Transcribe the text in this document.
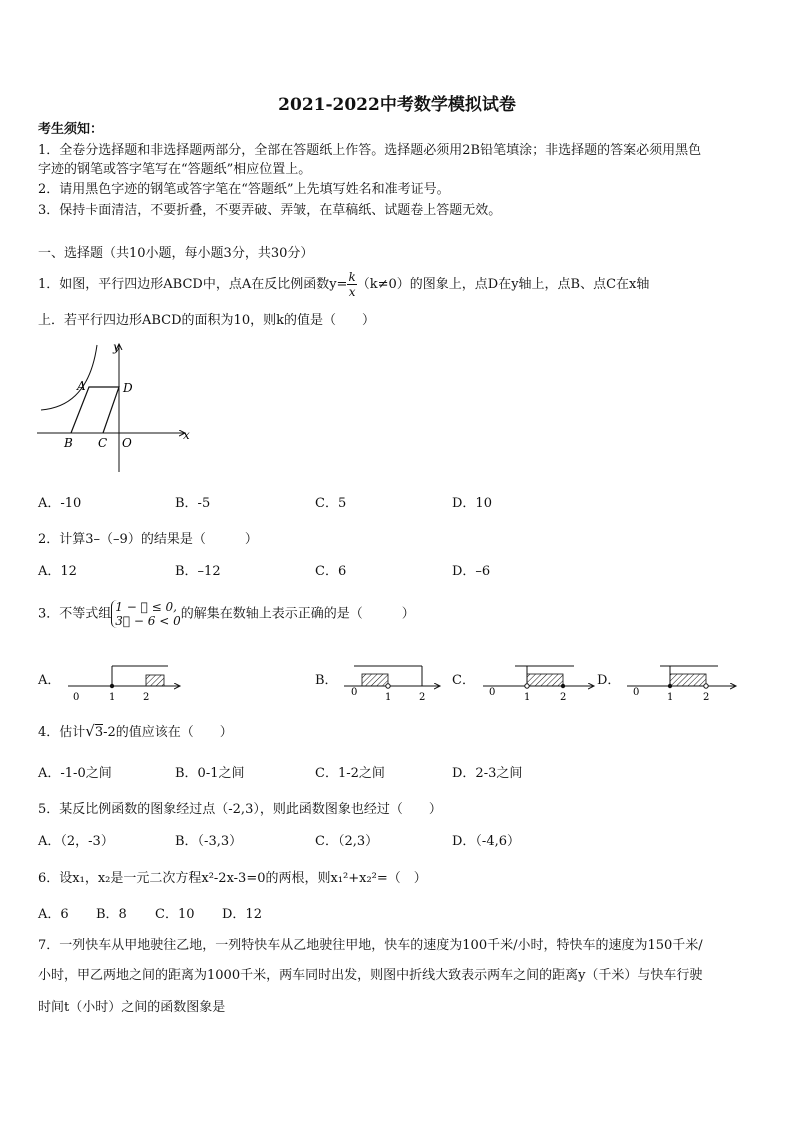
2021-2022中考数学模拟试卷
考生须知：
1．全卷分选择题和非选择题两部分，全部在答题纸上作答。选择题必须用2B铅笔填涂；非选择题的答案必须用黑色
字迹的钢笔或答字笔写在“答题纸”相应位置上。
2．请用黑色字迹的钢笔或答字笔在“答题纸”上先填写姓名和准考证号。
3．保持卡面清洁，不要折叠，不要弄破、弄皱，在草稿纸、试题卷上答题无效。
一、选择题（共10小题，每小题3分，共30分）
1．如图，平行四边形ABCD中，点A在反比例函数$y= \frac{k}{x} (k\ne 0)$的图象上，点D在y轴上，点B、点C在x轴
上．若平行四边形ABCD的面积为10，则k的值是（　　）
y
x
A	D
B C O
A．-10	B．-5	C．5	D．10
2．计算3–（–9）的结果是（　　　）
A．12	B．–12	C．6	D．–6
3．不等式组 1 − ⃞ ≤ 0,
3⃞ − 6 < 0 的解集在数轴上表示正确的是（　　　）
A．	B．	C．	D．
0	1	2	0	1	2	0	1	2	0	1	2
4．估计√3-2的值应该在（　　）
A．-1-0之间	B．0-1之间	C．1-2之间	D．2-3之间
5．某反比例函数的图象经过点（-2,3），则此函数图象也经过（　　）
A．（2，-3）	B．（-3,3）	C．（2,3）	D．（-4,6）
6．设x₁，x₂是一元二次方程x²-2x-3=0的两根，则x₁²+x₂²=（　）
A．6 B．8 C．10 D．12
7．一列快车从甲地驶往乙地，一列特快车从乙地驶往甲地，快车的速度为100千米/小时，特快车的速度为150千米/
小时，甲乙两地之间的距离为1000千米，两车同时出发，则图中折线大致表示两车之间的距离y（千米）与快车行驶
时间t（小时）之间的函数图象是
